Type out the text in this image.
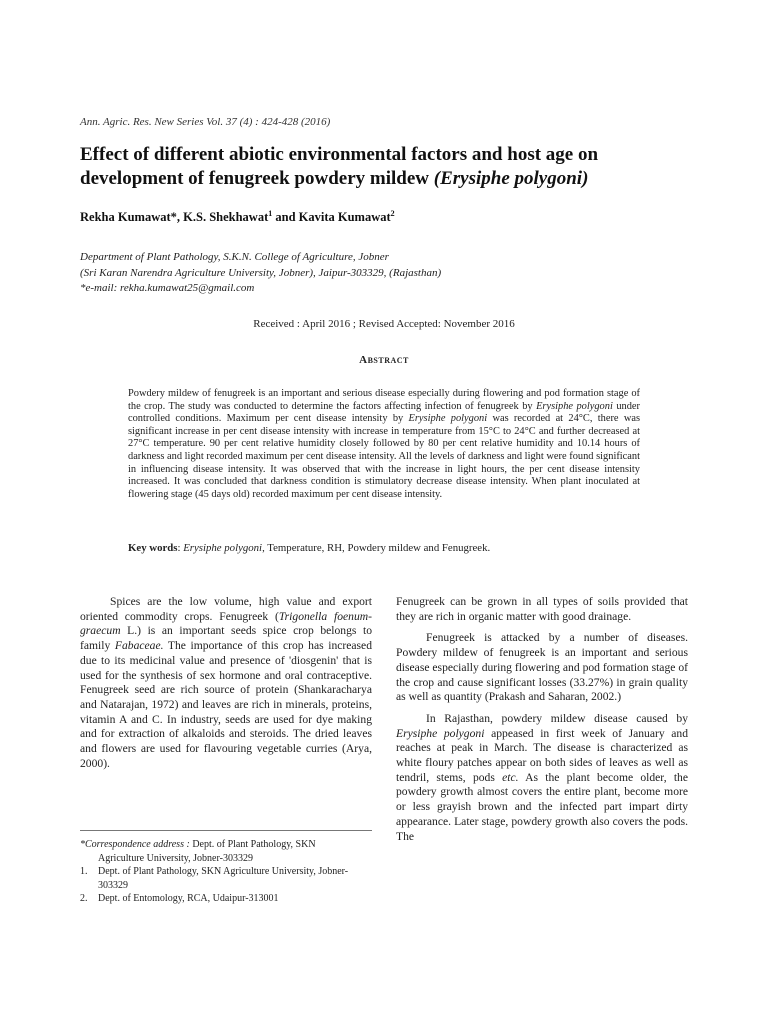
Ann. Agric. Res. New Series Vol. 37 (4) : 424-428 (2016)
Effect of different abiotic environmental factors and host age on development of fenugreek powdery mildew (Erysiphe polygoni)
Rekha Kumawat*, K.S. Shekhawat$^1$ and Kavita Kumawat$^2$
Department of Plant Pathology, S.K.N. College of Agriculture, Jobner
(Sri Karan Narendra Agriculture University, Jobner), Jaipur-303329, (Rajasthan)
*e-mail: rekha.kumawat25@gmail.com
Received : April 2016 ; Revised Accepted: November 2016
ABSTRACT

Powdery mildew of fenugreek is an important and serious disease especially during flowering and pod formation stage of the crop. The study was conducted to determine the factors affecting infection of fenugreek by Erysiphe polygoni under controlled conditions. Maximum per cent disease intensity by Erysiphe polygoni was recorded at 24°C, there was significant increase in per cent disease intensity with increase in temperature from 15°C to 24°C and further decreased at 27°C temperature. 90 per cent relative humidity closely followed by 80 per cent relative humidity and 10.14 hours of darkness and light recorded maximum per cent disease intensity. All the levels of darkness and light were found significant in influencing disease intensity. It was observed that with the increase in light hours, the per cent disease intensity increased. It was concluded that darkness condition is stimulatory decrease disease intensity. When plant inoculated at flowering stage (45 days old) recorded maximum per cent disease intensity.

Key words: Erysiphe polygoni, Temperature, RH, Powdery mildew and Fenugreek.

Spices are the low volume, high value and export oriented commodity crops. Fenugreek (Trigonella foenum-graecum L.) is an important seeds spice crop belongs to family Fabaceae. The importance of this crop has increased due to its medicinal value and presence of 'diosgenin' that is used for the synthesis of sex hormone and oral contraceptive. Fenugreek seed are rich source of protein (Shankaracharya and Natarajan, 1972) and leaves are rich in minerals, proteins, vitamin A and C. In industry, seeds are used for dye making and for extraction of alkaloids and steroids. The dried leaves and flowers are used for flavouring vegetable curries (Arya, 2000).

*Correspondence address : Dept. of Plant Pathology, SKN
Agriculture University, Jobner-303329
1. Dept. of Plant Pathology, SKN Agriculture University, Jobner-303329
2. Dept. of Entomology, RCA, Udaipur-313001

Fenugreek can be grown in all types of soils provided that they are rich in organic matter with good drainage.

Fenugreek is attacked by a number of diseases. Powdery mildew of fenugreek is an important and serious disease especially during flowering and pod formation stage of the crop and cause significant losses (33.27%) in grain quality as well as quantity (Prakash and Saharan, 2002.)

In Rajasthan, powdery mildew disease caused by Erysiphe polygoni appeased in first week of January and reaches at peak in March. The disease is characterized as white floury patches appear on both sides of leaves as well as tendril, stems, pods etc. As the plant become older, the powdery growth almost covers the entire plant, become more or less grayish brown and the infected part impart dirty appearance. Later stage, powdery growth also covers the pods. The
